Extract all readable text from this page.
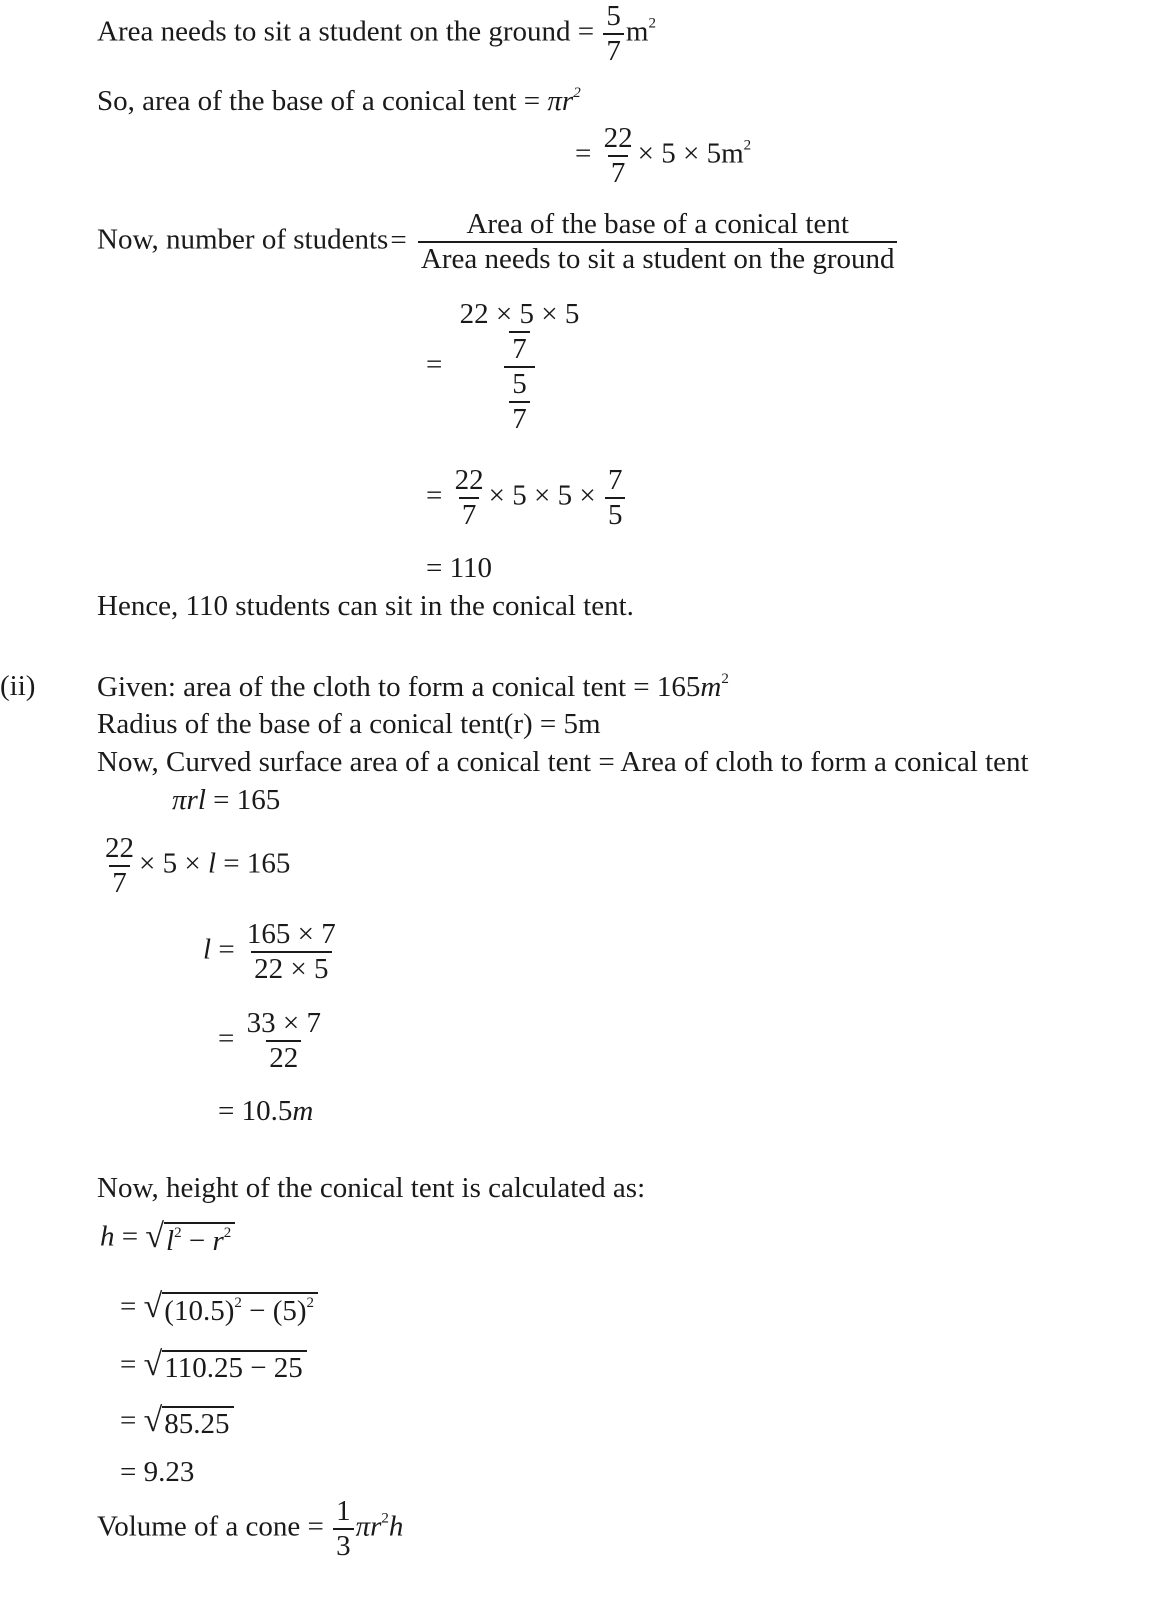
Area needs to sit a student on the ground = $\frac{5}{7} m^2$
So, area of the base of a conical tent = $\pi r^2$
= $\frac{22}{7} \times 5 \times 5m^2$
Now, number of students= $\frac{\text{Area of the base of a conical tent}}{\text{Area needs to sit a student on the ground}}$
= $\frac{\frac{22 \times 5 \times 5}{7}}{\frac{5}{7}}$
= $\frac{22}{7} \times 5 \times 5 \times \frac{7}{5}$
= 110
Hence, 110 students can sit in the conical tent.
(ii) Given: area of the cloth to form a conical tent = $165m^2$
Radius of the base of a conical tent(r) = 5m
Now, Curved surface area of a conical tent = Area of cloth to form a conical tent
πrl = 165
$\frac{22}{7} \times 5 \times l = 165$
$l = \frac{165 \times 7}{22 \times 5}$
= $\frac{33 \times 7}{22}$
= 10.5m
Now, height of the conical tent is calculated as:
h = √ $l^2 - r^2$
= √ $(10.5)^2 - (5)^2$
= √ 110.25 − 25
= √ 85.25
= 9.23
Volume of a cone = $\frac{1}{3} \pi r^2h$
